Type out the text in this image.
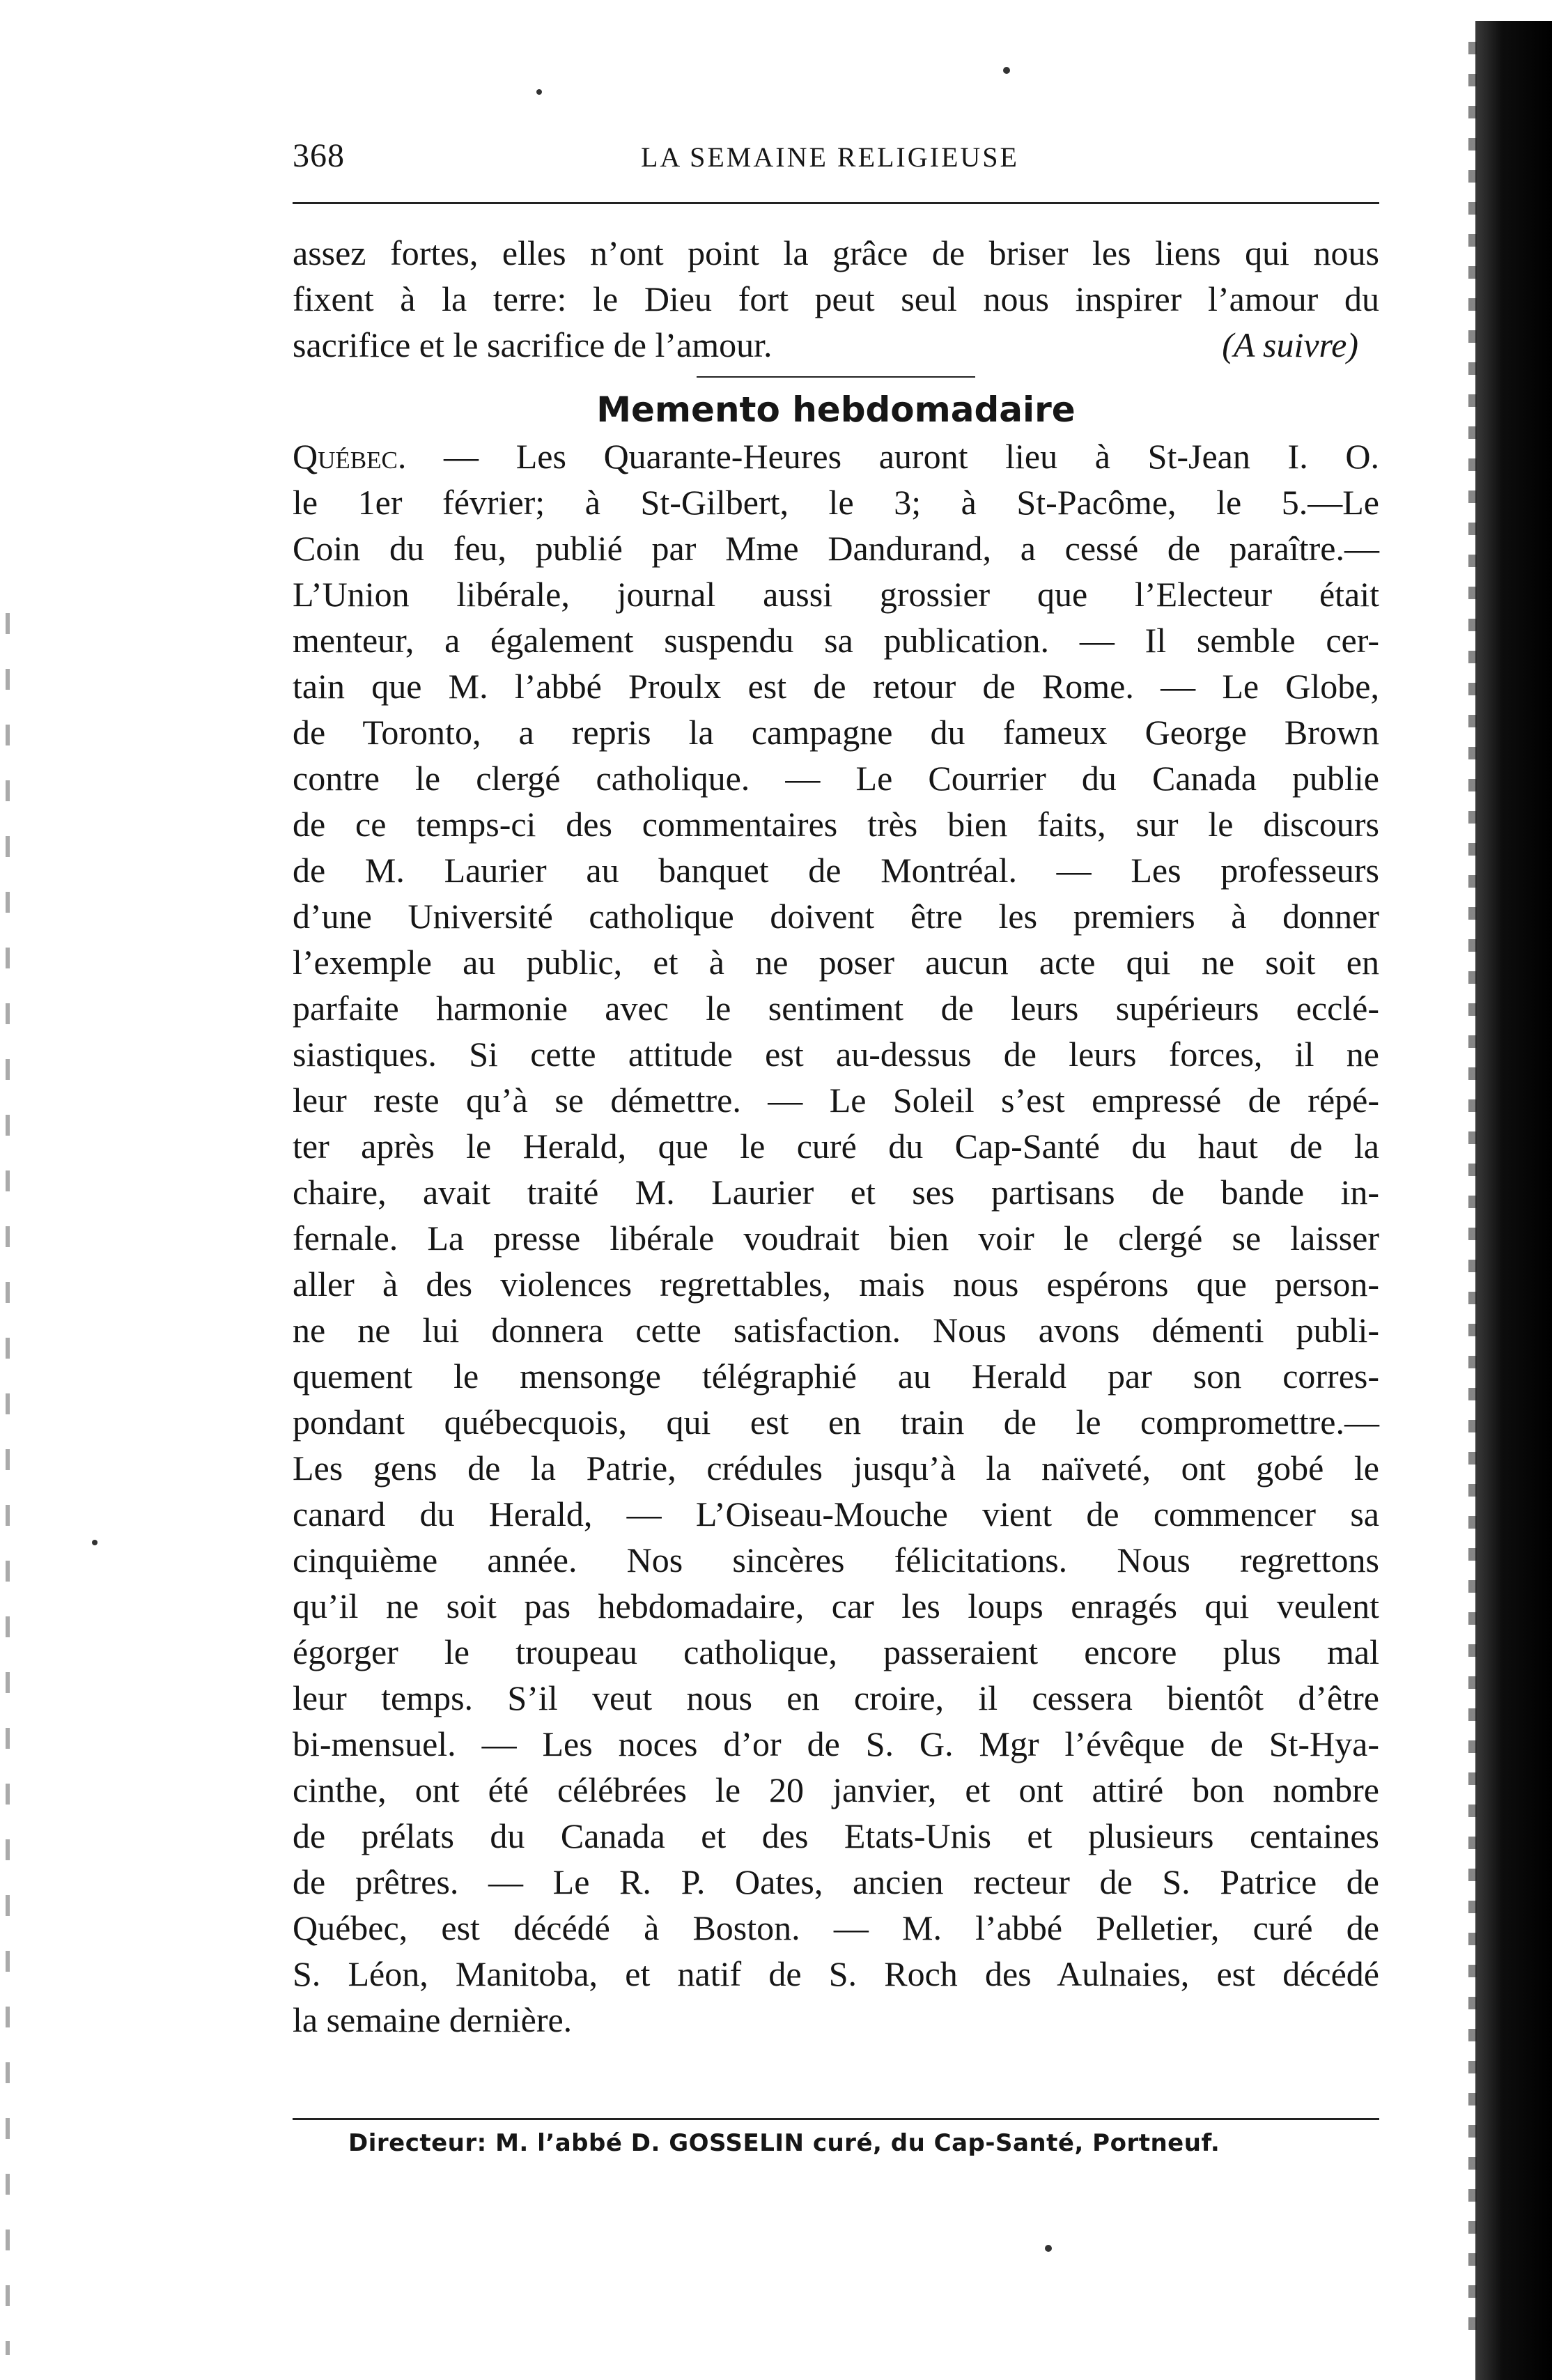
368	LA SEMAINE RELIGIEUSE
assez fortes, elles n’ont point la grâce de briser les liens qui nous
fixent à la terre: le Dieu fort peut seul nous inspirer l’amour du
sacrifice et le sacrifice de l’amour.	(A suivre)
Memento hebdomadaire
Québec. — Les Quarante-Heures auront lieu à St-Jean I. O.
le 1er février; à St-Gilbert, le 3; à St-Pacôme, le 5.—Le
Coin du feu, publié par Mme Dandurand, a cessé de paraître.—
L’Union libérale, journal aussi grossier que l’Electeur était
menteur, a également suspendu sa publication. — Il semble cer-
tain que M. l’abbé Proulx est de retour de Rome. — Le Globe,
de Toronto, a repris la campagne du fameux George Brown
contre le clergé catholique. — Le Courrier du Canada publie
de ce temps-ci des commentaires très bien faits, sur le discours
de M. Laurier au banquet de Montréal. — Les professeurs
d’une Université catholique doivent être les premiers à donner
l’exemple au public, et à ne poser aucun acte qui ne soit en
parfaite harmonie avec le sentiment de leurs supérieurs ecclé-
siastiques. Si cette attitude est au-dessus de leurs forces, il ne
leur reste qu’à se démettre. — Le Soleil s’est empressé de répé-
ter après le Herald, que le curé du Cap-Santé du haut de la
chaire, avait traité M. Laurier et ses partisans de bande in-
fernale. La presse libérale voudrait bien voir le clergé se laisser
aller à des violences regrettables, mais nous espérons que person-
ne ne lui donnera cette satisfaction. Nous avons démenti publi-
quement le mensonge télégraphié au Herald par son corres-
pondant québecquois, qui est en train de le compromettre.—
Les gens de la Patrie, crédules jusqu’à la naïveté, ont gobé le
canard du Herald, — L’Oiseau-Mouche vient de commencer sa
cinquième année. Nos sincères félicitations. Nous regrettons
qu’il ne soit pas hebdomadaire, car les loups enragés qui veulent
égorger le troupeau catholique, passeraient encore plus mal
leur temps. S’il veut nous en croire, il cessera bientôt d’être
bi-mensuel. — Les noces d’or de S. G. Mgr l’évêque de St-Hya-
cinthe, ont été célébrées le 20 janvier, et ont attiré bon nombre
de prélats du Canada et des Etats-Unis et plusieurs centaines
de prêtres. — Le R. P. Oates, ancien recteur de S. Patrice de
Québec, est décédé à Boston. — M. l’abbé Pelletier, curé de
S. Léon, Manitoba, et natif de S. Roch des Aulnaies, est décédé
la semaine dernière.
Directeur: M. l’abbé D. GOSSELIN curé, du Cap-Santé, Portneuf.
